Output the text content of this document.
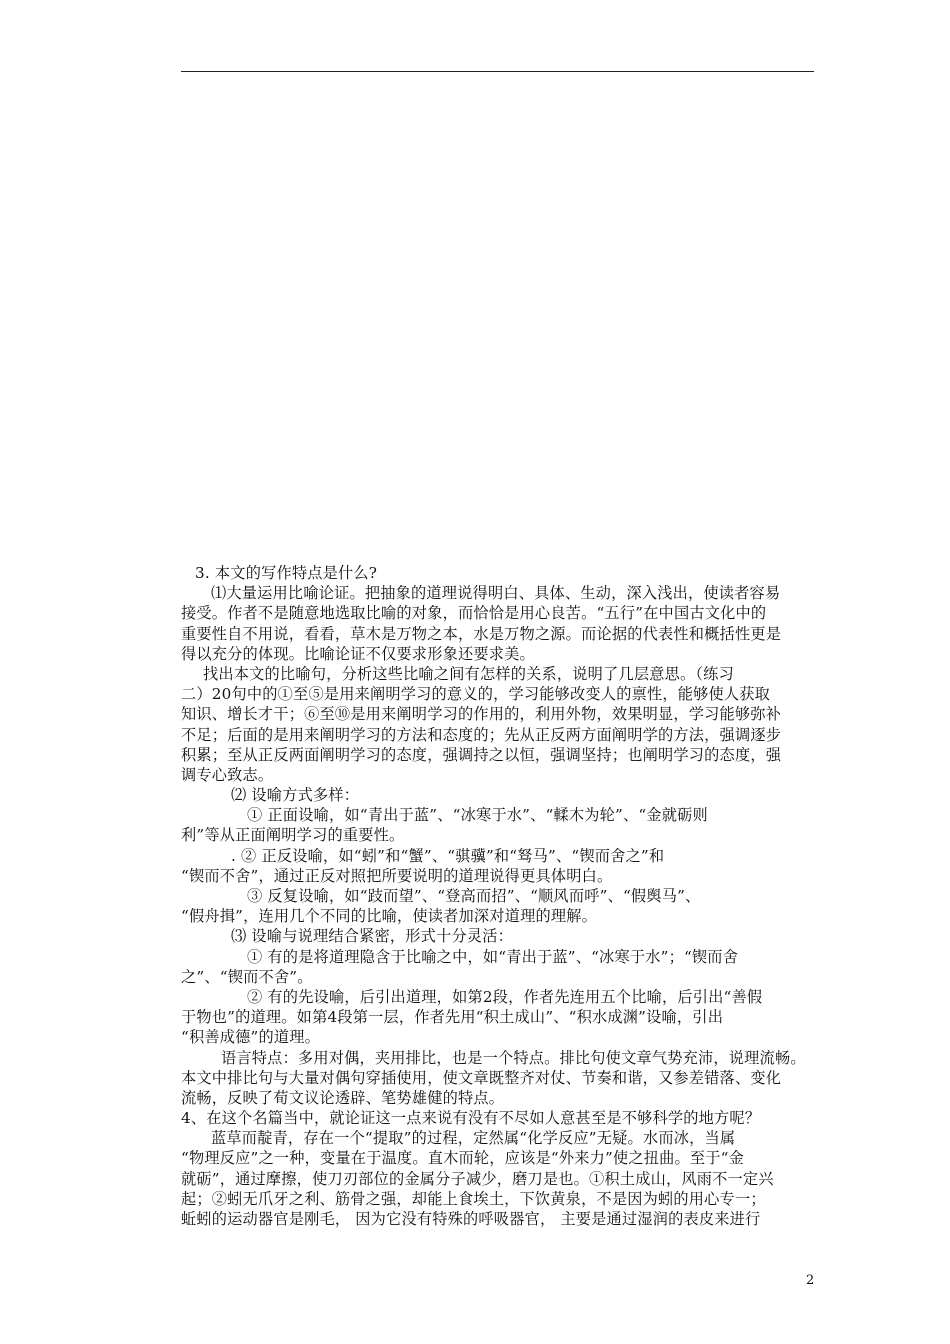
3. 本文的写作特点是什么?
⑴大量运用比喻论证。把抽象的道理说得明白、具体、生动，深入浅出，使读者容易
接受。作者不是随意地选取比喻的对象，而恰恰是用心良苦。“五行”在中国古文化中的
重要性自不用说，看看，草木是万物之本，水是万物之源。而论据的代表性和概括性更是
得以充分的体现。比喻论证不仅要求形象还要求美。
找出本文的比喻句，分析这些比喻之间有怎样的关系，说明了几层意思。（练习
二）20句中的①至⑤是用来阐明学习的意义的，学习能够改变人的禀性，能够使人获取
知识、增长才干；⑥至⑩是用来阐明学习的作用的，利用外物，效果明显，学习能够弥补
不足；后面的是用来阐明学习的方法和态度的；先从正反两方面阐明学的方法，强调逐步
积累；至从正反两面阐明学习的态度，强调持之以恒，强调坚持；也阐明学习的态度，强
调专心致志。
⑵ 设喻方式多样：
① 正面设喻，如“青出于蓝”、“冰寒于水”、“輮木为轮”、“金就砺则
利”等从正面阐明学习的重要性。
. ② 正反设喻，如“蚓”和“蟹”、“骐骥”和“驽马”、“锲而舍之”和
“锲而不舍”，通过正反对照把所要说明的道理说得更具体明白。
③ 反复设喻，如“跂而望”、“登高而招”、“顺风而呼”、“假舆马”、
“假舟揖”，连用几个不同的比喻，使读者加深对道理的理解。
⑶ 设喻与说理结合紧密，形式十分灵活：
① 有的是将道理隐含于比喻之中，如“青出于蓝”、“冰寒于水”；“锲而舍
之”、“锲而不舍”。
② 有的先设喻，后引出道理，如第2段，作者先连用五个比喻，后引出“善假
于物也”的道理。如第4段第一层，作者先用“积土成山”、“积水成渊”设喻，引出
“积善成德”的道理。
语言特点：多用对偶，夹用排比，也是一个特点。排比句使文章气势充沛，说理流畅。
本文中排比句与大量对偶句穿插使用，使文章既整齐对仗、节奏和谐，又参差错落、变化
流畅，反映了荀文议论透辟、笔势雄健的特点。
4、在这个名篇当中，就论证这一点来说有没有不尽如人意甚至是不够科学的地方呢？
蓝草而靛青，存在一个“提取”的过程，定然属“化学反应”无疑。水而冰，当属
“物理反应”之一种，变量在于温度。直木而轮，应该是“外来力”使之扭曲。至于“金
就砺”，通过摩擦，使刀刃部位的金属分子减少，磨刀是也。①积土成山，风雨不一定兴
起；②蚓无爪牙之利、筋骨之强，却能上食埃土，下饮黄泉，不是因为蚓的用心专一；
蚯蚓的运动器官是刚毛， 因为它没有特殊的呼吸器官， 主要是通过湿润的表皮来进行
2
